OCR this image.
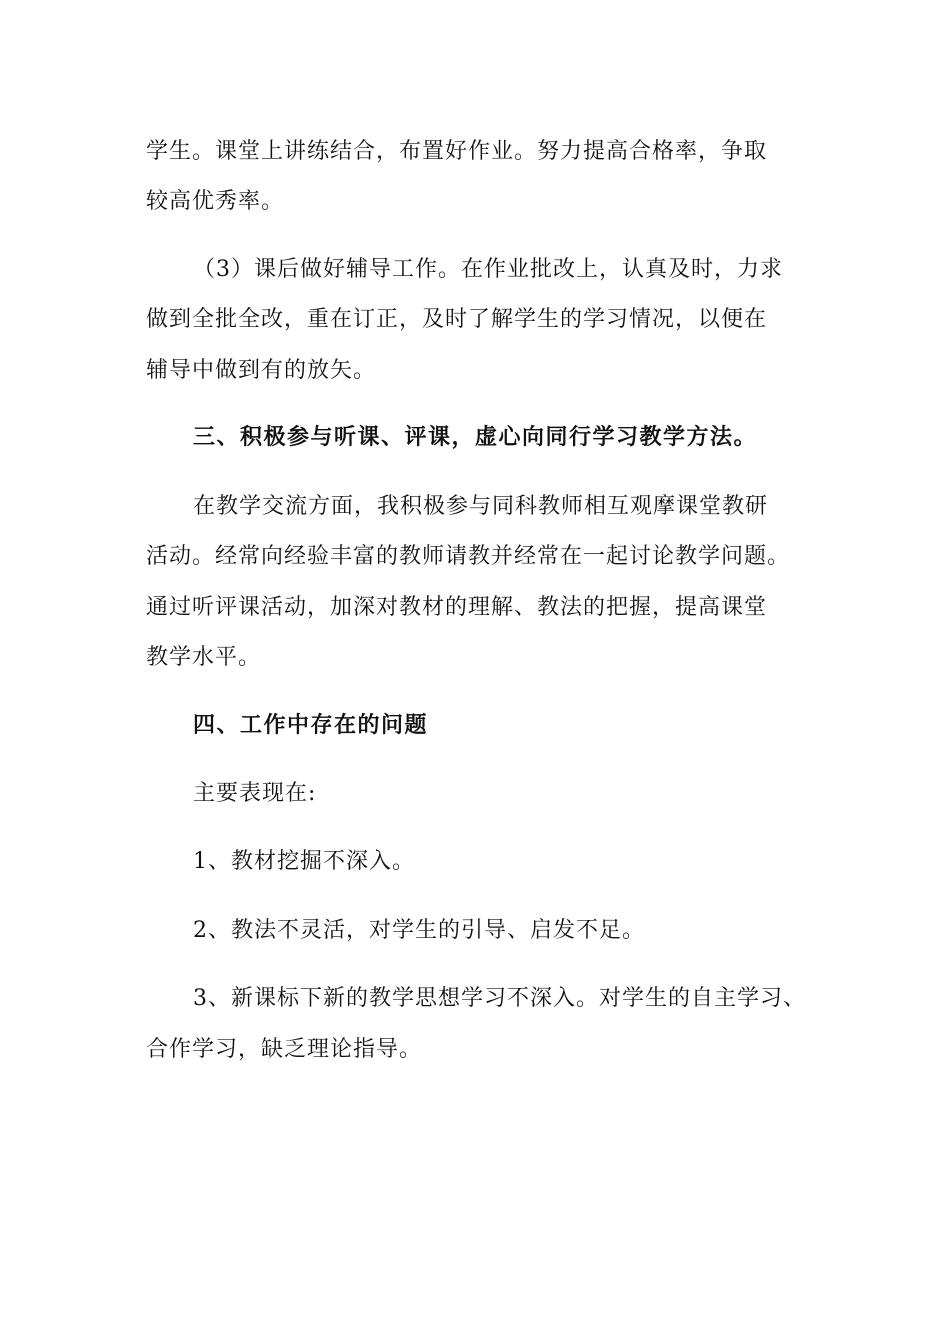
学生。课堂上讲练结合，布置好作业。努力提高合格率，争取
较高优秀率。
（3）课后做好辅导工作。在作业批改上，认真及时，力求
做到全批全改，重在订正，及时了解学生的学习情况，以便在
辅导中做到有的放矢。
三、积极参与听课、评课，虚心向同行学习教学方法。
在教学交流方面，我积极参与同科教师相互观摩课堂教研
活动。经常向经验丰富的教师请教并经常在一起讨论教学问题。
通过听评课活动，加深对教材的理解、教法的把握，提高课堂
教学水平。
四、工作中存在的问题
主要表现在:
1、教材挖掘不深入。
2、教法不灵活，对学生的引导、启发不足。
3、新课标下新的教学思想学习不深入。对学生的自主学习、
合作学习，缺乏理论指导。
